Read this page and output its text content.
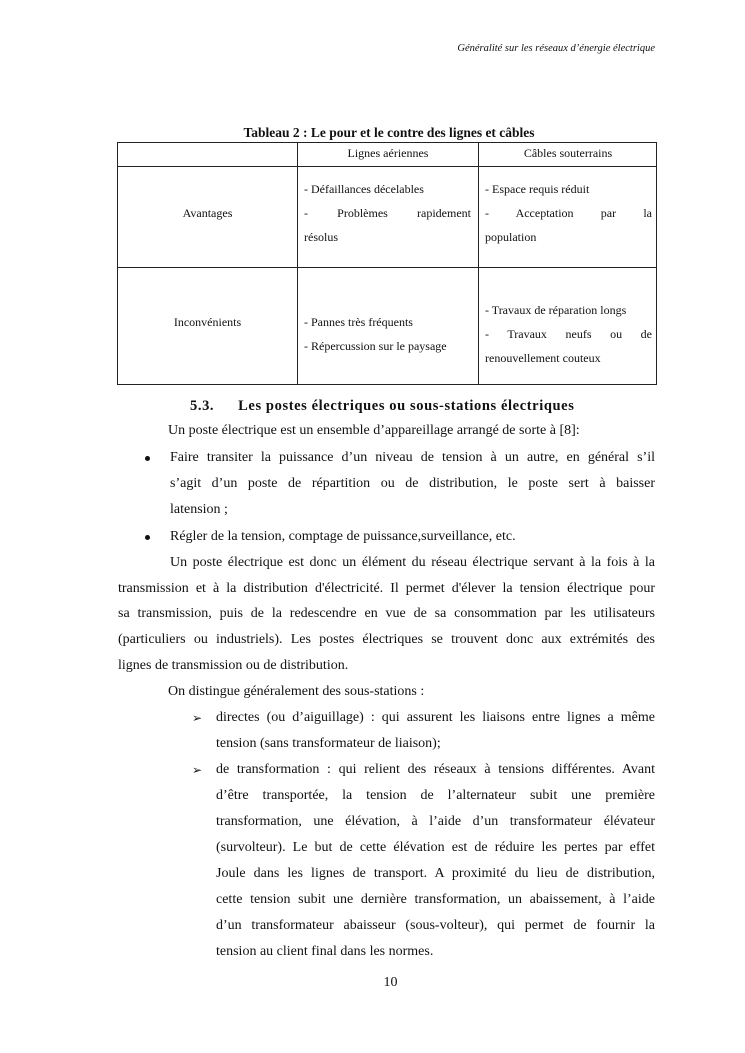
Généralité sur les réseaux d’énergie électrique
Tableau 2 : Le pour et le contre des lignes et câbles
Lignes aériennes	Câbles souterrains
Avantages
- Défaillances décelables
- Problèmes rapidement
résolus
- Espace requis réduit
- Acceptation par la
population
Inconvénients	- Pannes très fréquents
- Répercussion sur le paysage
- Travaux de réparation longs
- Travaux neufs ou de
renouvellement couteux
5.3. Les postes électriques ou sous-stations électriques
Un poste électrique est un ensemble d’appareillage arrangé de sorte à [8]:
Faire transiter la puissance d’un niveau de tension à un autre, en général s’il
s’agit d’un poste de répartition ou de distribution, le poste sert à baisser
latension ;
Régler de la tension, comptage de puissance,surveillance, etc.
Un poste électrique est donc un élément du réseau électrique servant à la fois à la
transmission et à la distribution d'électricité. Il permet d'élever la tension électrique pour
sa transmission, puis de la redescendre en vue de sa consommation par les utilisateurs
(particuliers ou industriels). Les postes électriques se trouvent donc aux extrémités des
lignes de transmission ou de distribution.
On distingue généralement des sous-stations :
➢ directes (ou d’aiguillage) : qui assurent les liaisons entre lignes a même
tension (sans transformateur de liaison);
➢ de transformation : qui relient des réseaux à tensions différentes. Avant
d’être transportée, la tension de l’alternateur subit une première
transformation, une élévation, à l’aide d’un transformateur élévateur
(survolteur). Le but de cette élévation est de réduire les pertes par effet
Joule dans les lignes de transport. A proximité du lieu de distribution,
cette tension subit une dernière transformation, un abaissement, à l’aide
d’un transformateur abaisseur (sous-volteur), qui permet de fournir la
tension au client final dans les normes.
10
